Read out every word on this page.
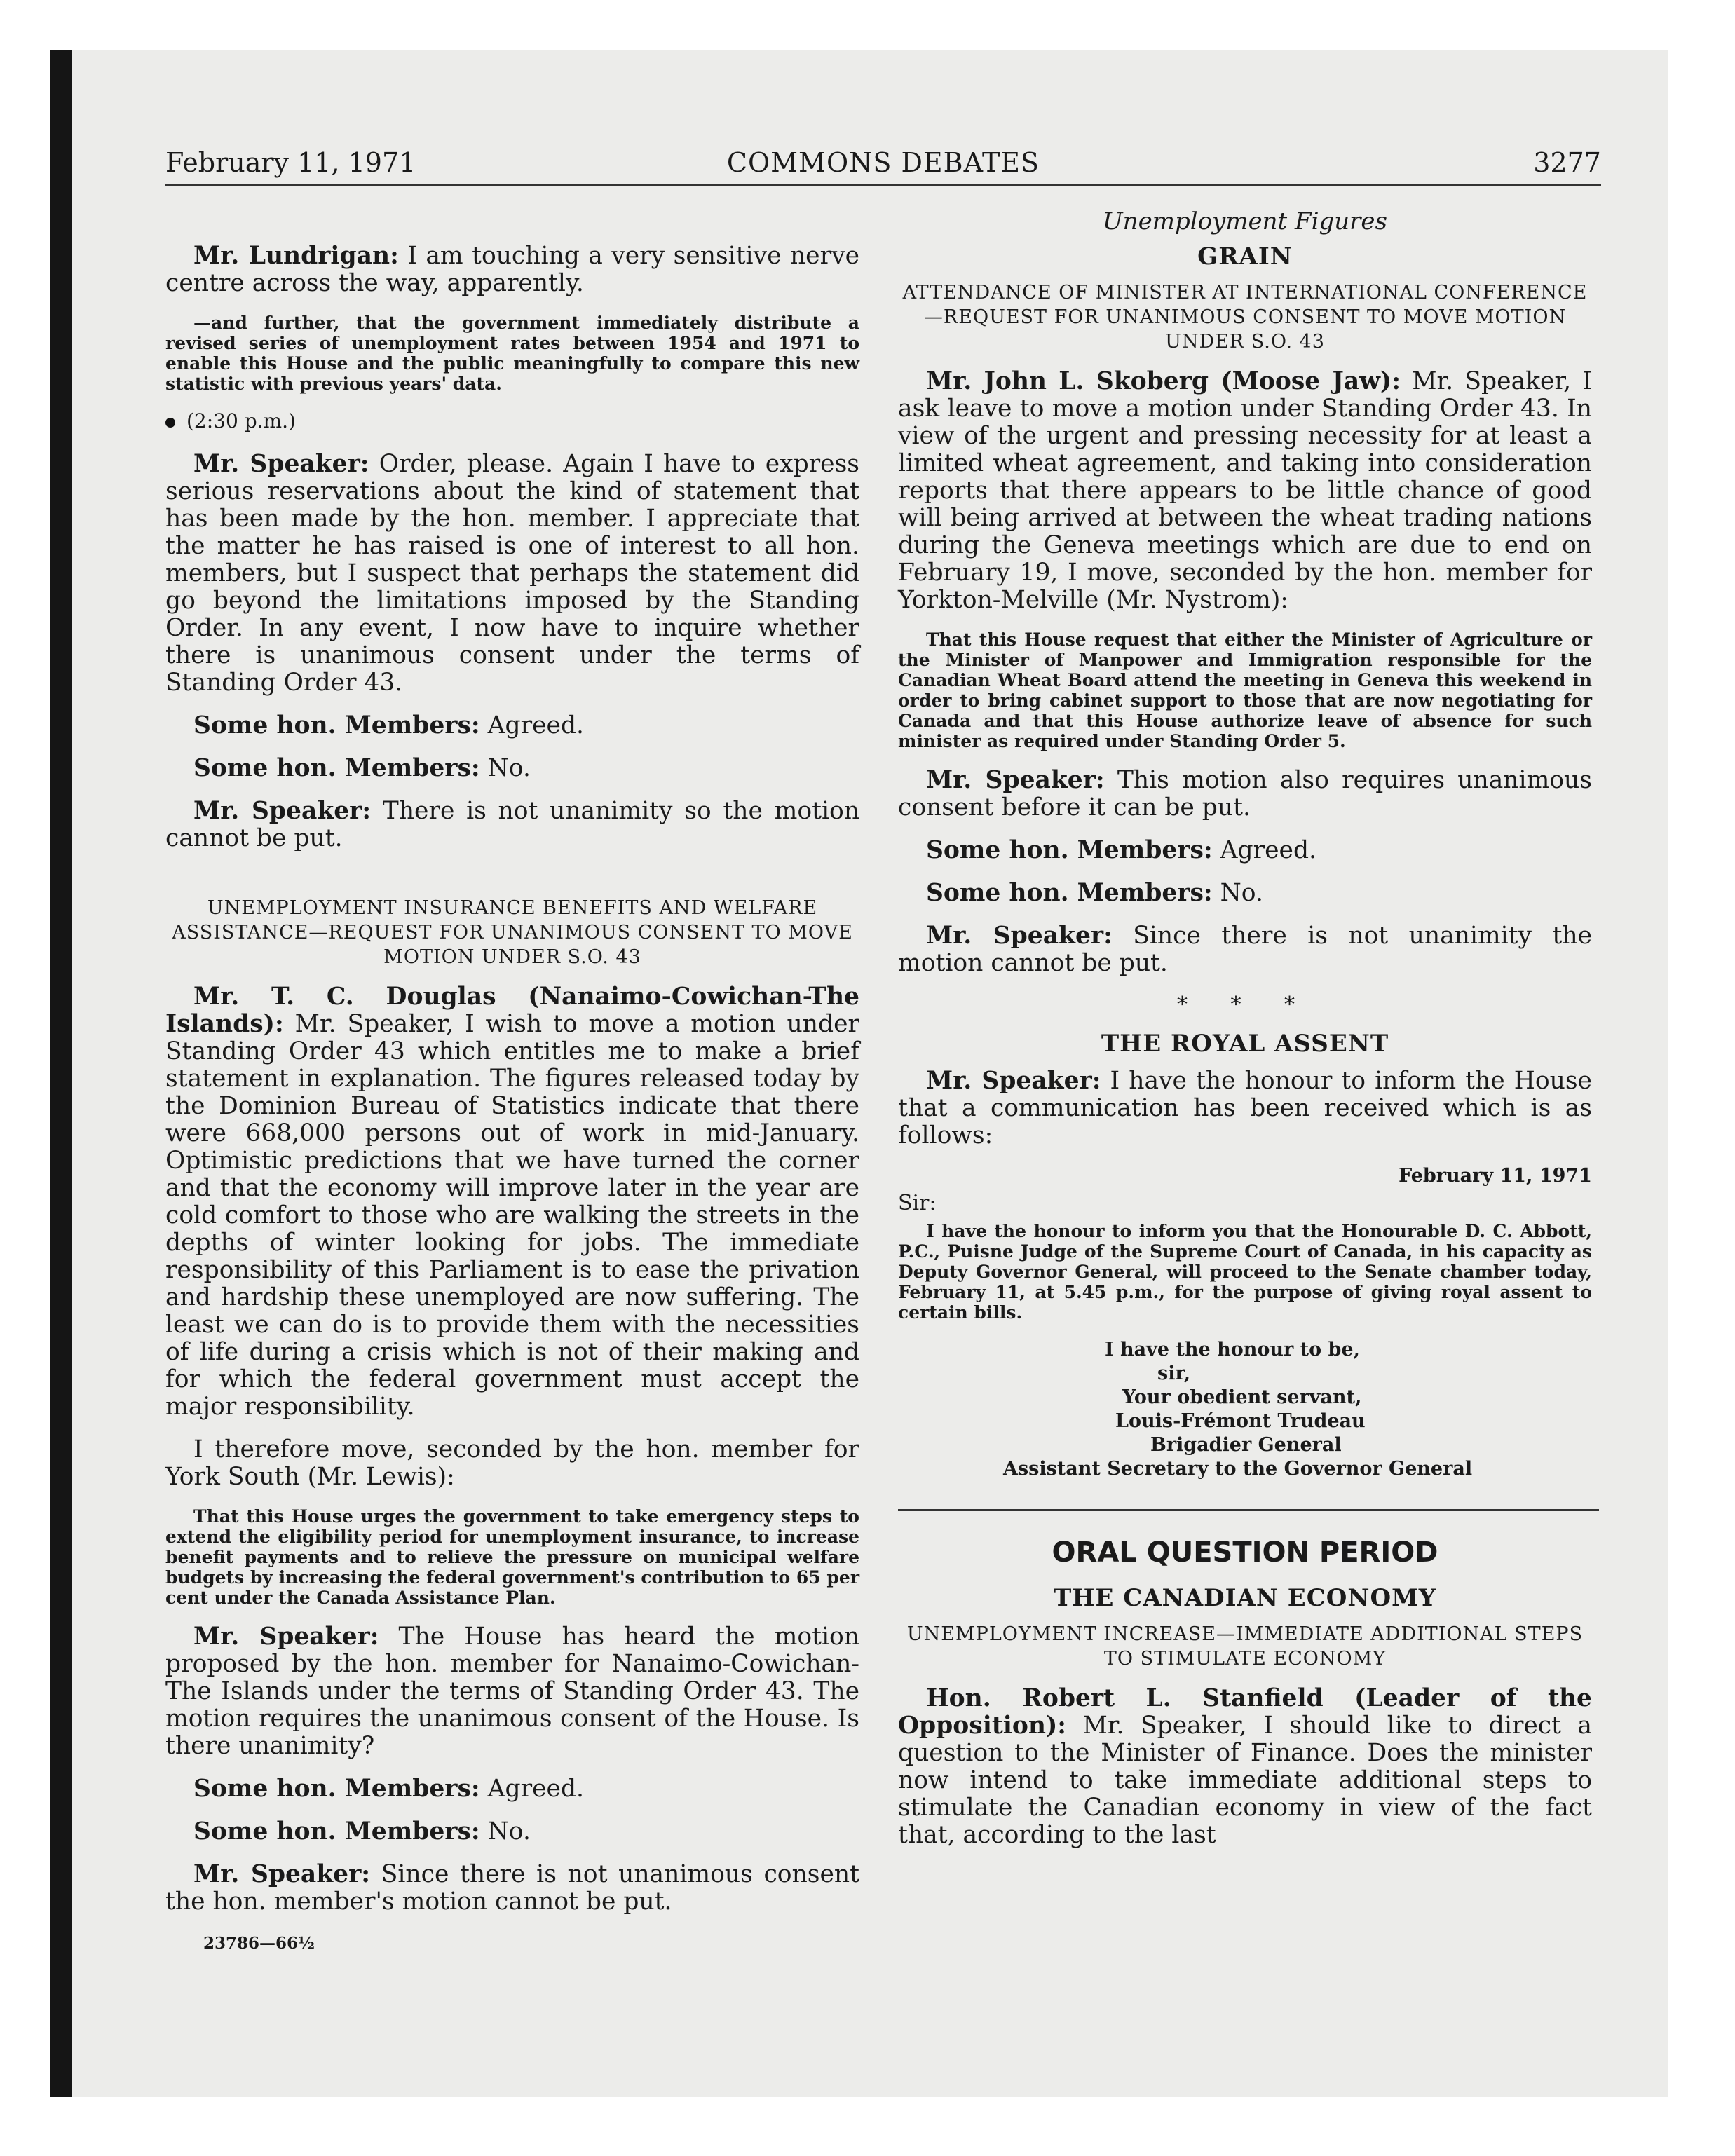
February 11, 1971	COMMONS DEBATES	3277

Mr. Lundrigan: I am touching a very sensitive nerve centre across the way, apparently.

—and further, that the government immediately distribute a revised series of unemployment rates between 1954 and 1971 to enable this House and the public meaningfully to compare this new statistic with previous years' data.

(2:30 p.m.)

Mr. Speaker: Order, please. Again I have to express serious reservations about the kind of statement that has been made by the hon. member. I appreciate that the matter he has raised is one of interest to all hon. members, but I suspect that perhaps the statement did go beyond the limitations imposed by the Standing Order. In any event, I now have to inquire whether there is unanimous consent under the terms of Standing Order 43.

Some hon. Members: Agreed.

Some hon. Members: No.

Mr. Speaker: There is not unanimity so the motion cannot be put.

UNEMPLOYMENT INSURANCE BENEFITS AND WELFARE ASSISTANCE—REQUEST FOR UNANIMOUS CONSENT TO MOVE MOTION UNDER S.O. 43

Mr. T. C. Douglas (Nanaimo-Cowichan-The Islands): Mr. Speaker, I wish to move a motion under Standing Order 43 which entitles me to make a brief statement in explanation. The figures released today by the Dominion Bureau of Statistics indicate that there were 668,000 persons out of work in mid-January. Optimistic predictions that we have turned the corner and that the economy will improve later in the year are cold comfort to those who are walking the streets in the depths of winter looking for jobs. The immediate responsibility of this Parliament is to ease the privation and hardship these unemployed are now suffering. The least we can do is to provide them with the necessities of life during a crisis which is not of their making and for which the federal government must accept the major responsibility.

I therefore move, seconded by the hon. member for York South (Mr. Lewis):

That this House urges the government to take emergency steps to extend the eligibility period for unemployment insurance, to increase benefit payments and to relieve the pressure on municipal welfare budgets by increasing the federal government's contribution to 65 per cent under the Canada Assistance Plan.

Mr. Speaker: The House has heard the motion proposed by the hon. member for Nanaimo-Cowichan-The Islands under the terms of Standing Order 43. The motion requires the unanimous consent of the House. Is there unanimity?

Some hon. Members: Agreed.

Some hon. Members: No.

Mr. Speaker: Since there is not unanimous consent the hon. member's motion cannot be put.

23786—66½

Unemployment Figures

GRAIN

ATTENDANCE OF MINISTER AT INTERNATIONAL CONFERENCE—REQUEST FOR UNANIMOUS CONSENT TO MOVE MOTION UNDER S.O. 43

Mr. John L. Skoberg (Moose Jaw): Mr. Speaker, I ask leave to move a motion under Standing Order 43. In view of the urgent and pressing necessity for at least a limited wheat agreement, and taking into consideration reports that there appears to be little chance of good will being arrived at between the wheat trading nations during the Geneva meetings which are due to end on February 19, I move, seconded by the hon. member for Yorkton-Melville (Mr. Nystrom):

That this House request that either the Minister of Agriculture or the Minister of Manpower and Immigration responsible for the Canadian Wheat Board attend the meeting in Geneva this weekend in order to bring cabinet support to those that are now negotiating for Canada and that this House authorize leave of absence for such minister as required under Standing Order 5.

Mr. Speaker: This motion also requires unanimous consent before it can be put.

Some hon. Members: Agreed.

Some hon. Members: No.

Mr. Speaker: Since there is not unanimity the motion cannot be put.

* * *

THE ROYAL ASSENT

Mr. Speaker: I have the honour to inform the House that a communication has been received which is as follows:

February 11, 1971

Sir:

I have the honour to inform you that the Honourable D. C. Abbott, P.C., Puisne Judge of the Supreme Court of Canada, in his capacity as Deputy Governor General, will proceed to the Senate chamber today, February 11, at 5.45 p.m., for the purpose of giving royal assent to certain bills.

I have the honour to be,

sir,

Your obedient servant,

Louis-Frémont Trudeau

Brigadier General

Assistant Secretary to the Governor General

ORAL QUESTION PERIOD

THE CANADIAN ECONOMY

UNEMPLOYMENT INCREASE—IMMEDIATE ADDITIONAL STEPS TO STIMULATE ECONOMY

Hon. Robert L. Stanfield (Leader of the Opposition): Mr. Speaker, I should like to direct a question to the Minister of Finance. Does the minister now intend to take immediate additional steps to stimulate the Canadian economy in view of the fact that, according to the last
